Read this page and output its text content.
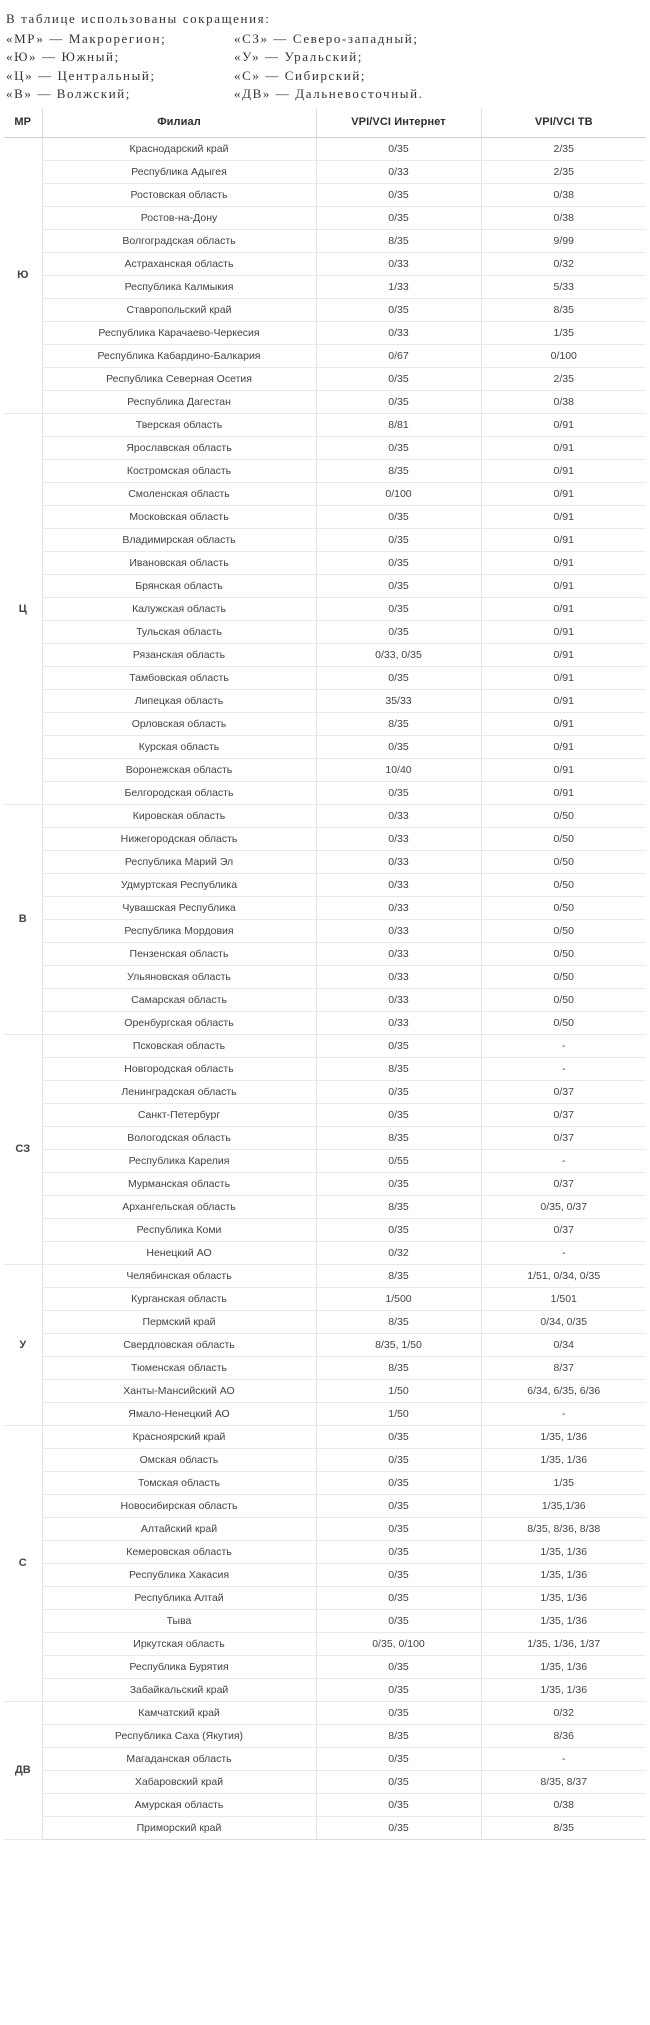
В таблице использованы сокращения:
«МР» — Макрорегион;	«СЗ» — Северо-западный;
«Ю» — Южный;	«У» — Уральский;
«Ц» — Центральный;	«С» — Сибирский;
«В» — Волжский;	«ДВ» — Дальневосточный.
МР	Филиал	VPI/VCI Интернет	VPI/VCI ТВ
Ю	Краснодарский край	0/35	2/35
	Республика Адыгея	0/33	2/35
	Ростовская область	0/35	0/38
	Ростов-на-Дону	0/35	0/38
	Волгоградская область	8/35	9/99
	Астраханская область	0/33	0/32
	Республика Калмыкия	1/33	5/33
	Ставропольский край	0/35	8/35
	Республика Карачаево-Черкесия	0/33	1/35
	Республика Кабардино-Балкария	0/67	0/100
	Республика Северная Осетия	0/35	2/35
	Республика Дагестан	0/35	0/38
Ц	Тверская область	8/81	0/91
	Ярославская область	0/35	0/91
	Костромская область	8/35	0/91
	Смоленская область	0/100	0/91
	Московская область	0/35	0/91
	Владимирская область	0/35	0/91
	Ивановская область	0/35	0/91
	Брянская область	0/35	0/91
	Калужская область	0/35	0/91
	Тульская область	0/35	0/91
	Рязанская область	0/33, 0/35	0/91
	Тамбовская область	0/35	0/91
	Липецкая область	35/33	0/91
	Орловская область	8/35	0/91
	Курская область	0/35	0/91
	Воронежская область	10/40	0/91
	Белгородская область	0/35	0/91
В	Кировская область	0/33	0/50
	Нижегородская область	0/33	0/50
	Республика Марий Эл	0/33	0/50
	Удмуртская Республика	0/33	0/50
	Чувашская Республика	0/33	0/50
	Республика Мордовия	0/33	0/50
	Пензенская область	0/33	0/50
	Ульяновская область	0/33	0/50
	Самарская область	0/33	0/50
	Оренбургская область	0/33	0/50
СЗ	Псковская область	0/35	-
	Новгородская область	8/35	-
	Ленинградская область	0/35	0/37
	Санкт-Петербург	0/35	0/37
	Вологодская область	8/35	0/37
	Республика Карелия	0/55	-
	Мурманская область	0/35	0/37
	Архангельская область	8/35	0/35, 0/37
	Республика Коми	0/35	0/37
	Ненецкий АО	0/32	-
У	Челябинская область	8/35	1/51, 0/34, 0/35
	Курганская область	1/500	1/501
	Пермский край	8/35	0/34, 0/35
	Свердловская область	8/35, 1/50	0/34
	Тюменская область	8/35	8/37
	Ханты-Мансийский АО	1/50	6/34, 6/35, 6/36
	Ямало-Ненецкий АО	1/50	-
С	Красноярский край	0/35	1/35, 1/36
	Омская область	0/35	1/35, 1/36
	Томская область	0/35	1/35
	Новосибирская область	0/35	1/35,1/36
	Алтайский край	0/35	8/35, 8/36, 8/38
	Кемеровская область	0/35	1/35, 1/36
	Республика Хакасия	0/35	1/35, 1/36
	Республика Алтай	0/35	1/35, 1/36
	Тыва	0/35	1/35, 1/36
	Иркутская область	0/35, 0/100	1/35, 1/36, 1/37
	Республика Бурятия	0/35	1/35, 1/36
	Забайкальский край	0/35	1/35, 1/36
ДВ	Камчатский край	0/35	0/32
	Республика Саха (Якутия)	8/35	8/36
	Магаданская область	0/35	-
	Хабаровский край	0/35	8/35, 8/37
	Амурская область	0/35	0/38
	Приморский край	0/35	8/35
